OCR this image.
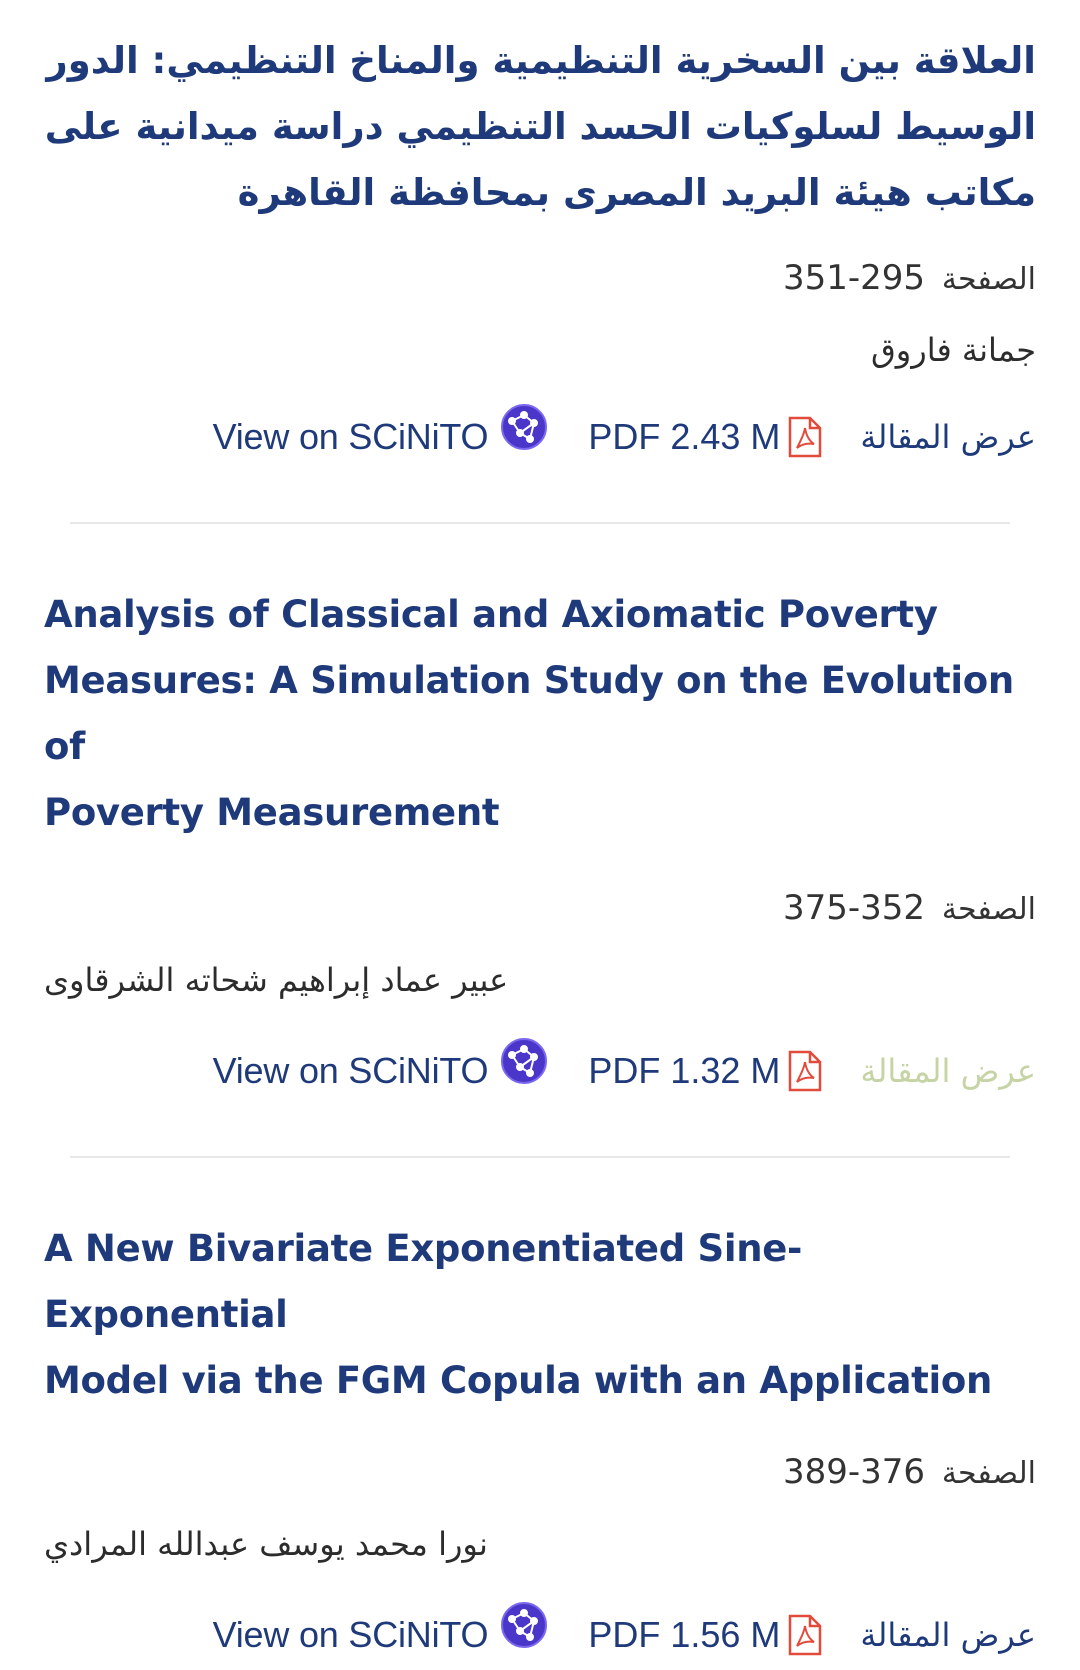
العلاقة بين السخرية التنظيمية والمناخ التنظيمي: الدور
الوسيط لسلوكيات الحسد التنظيمي دراسة ميدانية على
مكاتب هيئة البريد المصرى بمحافظة القاهرة
الصفحة 351-295
جمانة فاروق
View on SCiNiTO	PDF 2.43 M	عرض المقالة
Analysis of Classical and Axiomatic Poverty
Measures: A Simulation Study on the Evolution of
Poverty Measurement
الصفحة 375-352
عبير عماد إبراهيم شحاته الشرقاوى
View on SCiNiTO	PDF 1.32 M	عرض المقالة
A New Bivariate Exponentiated Sine-Exponential
Model via the FGM Copula with an Application
الصفحة 389-376
نورا محمد يوسف عبدالله المرادي
View on SCiNiTO	PDF 1.56 M	عرض المقالة
